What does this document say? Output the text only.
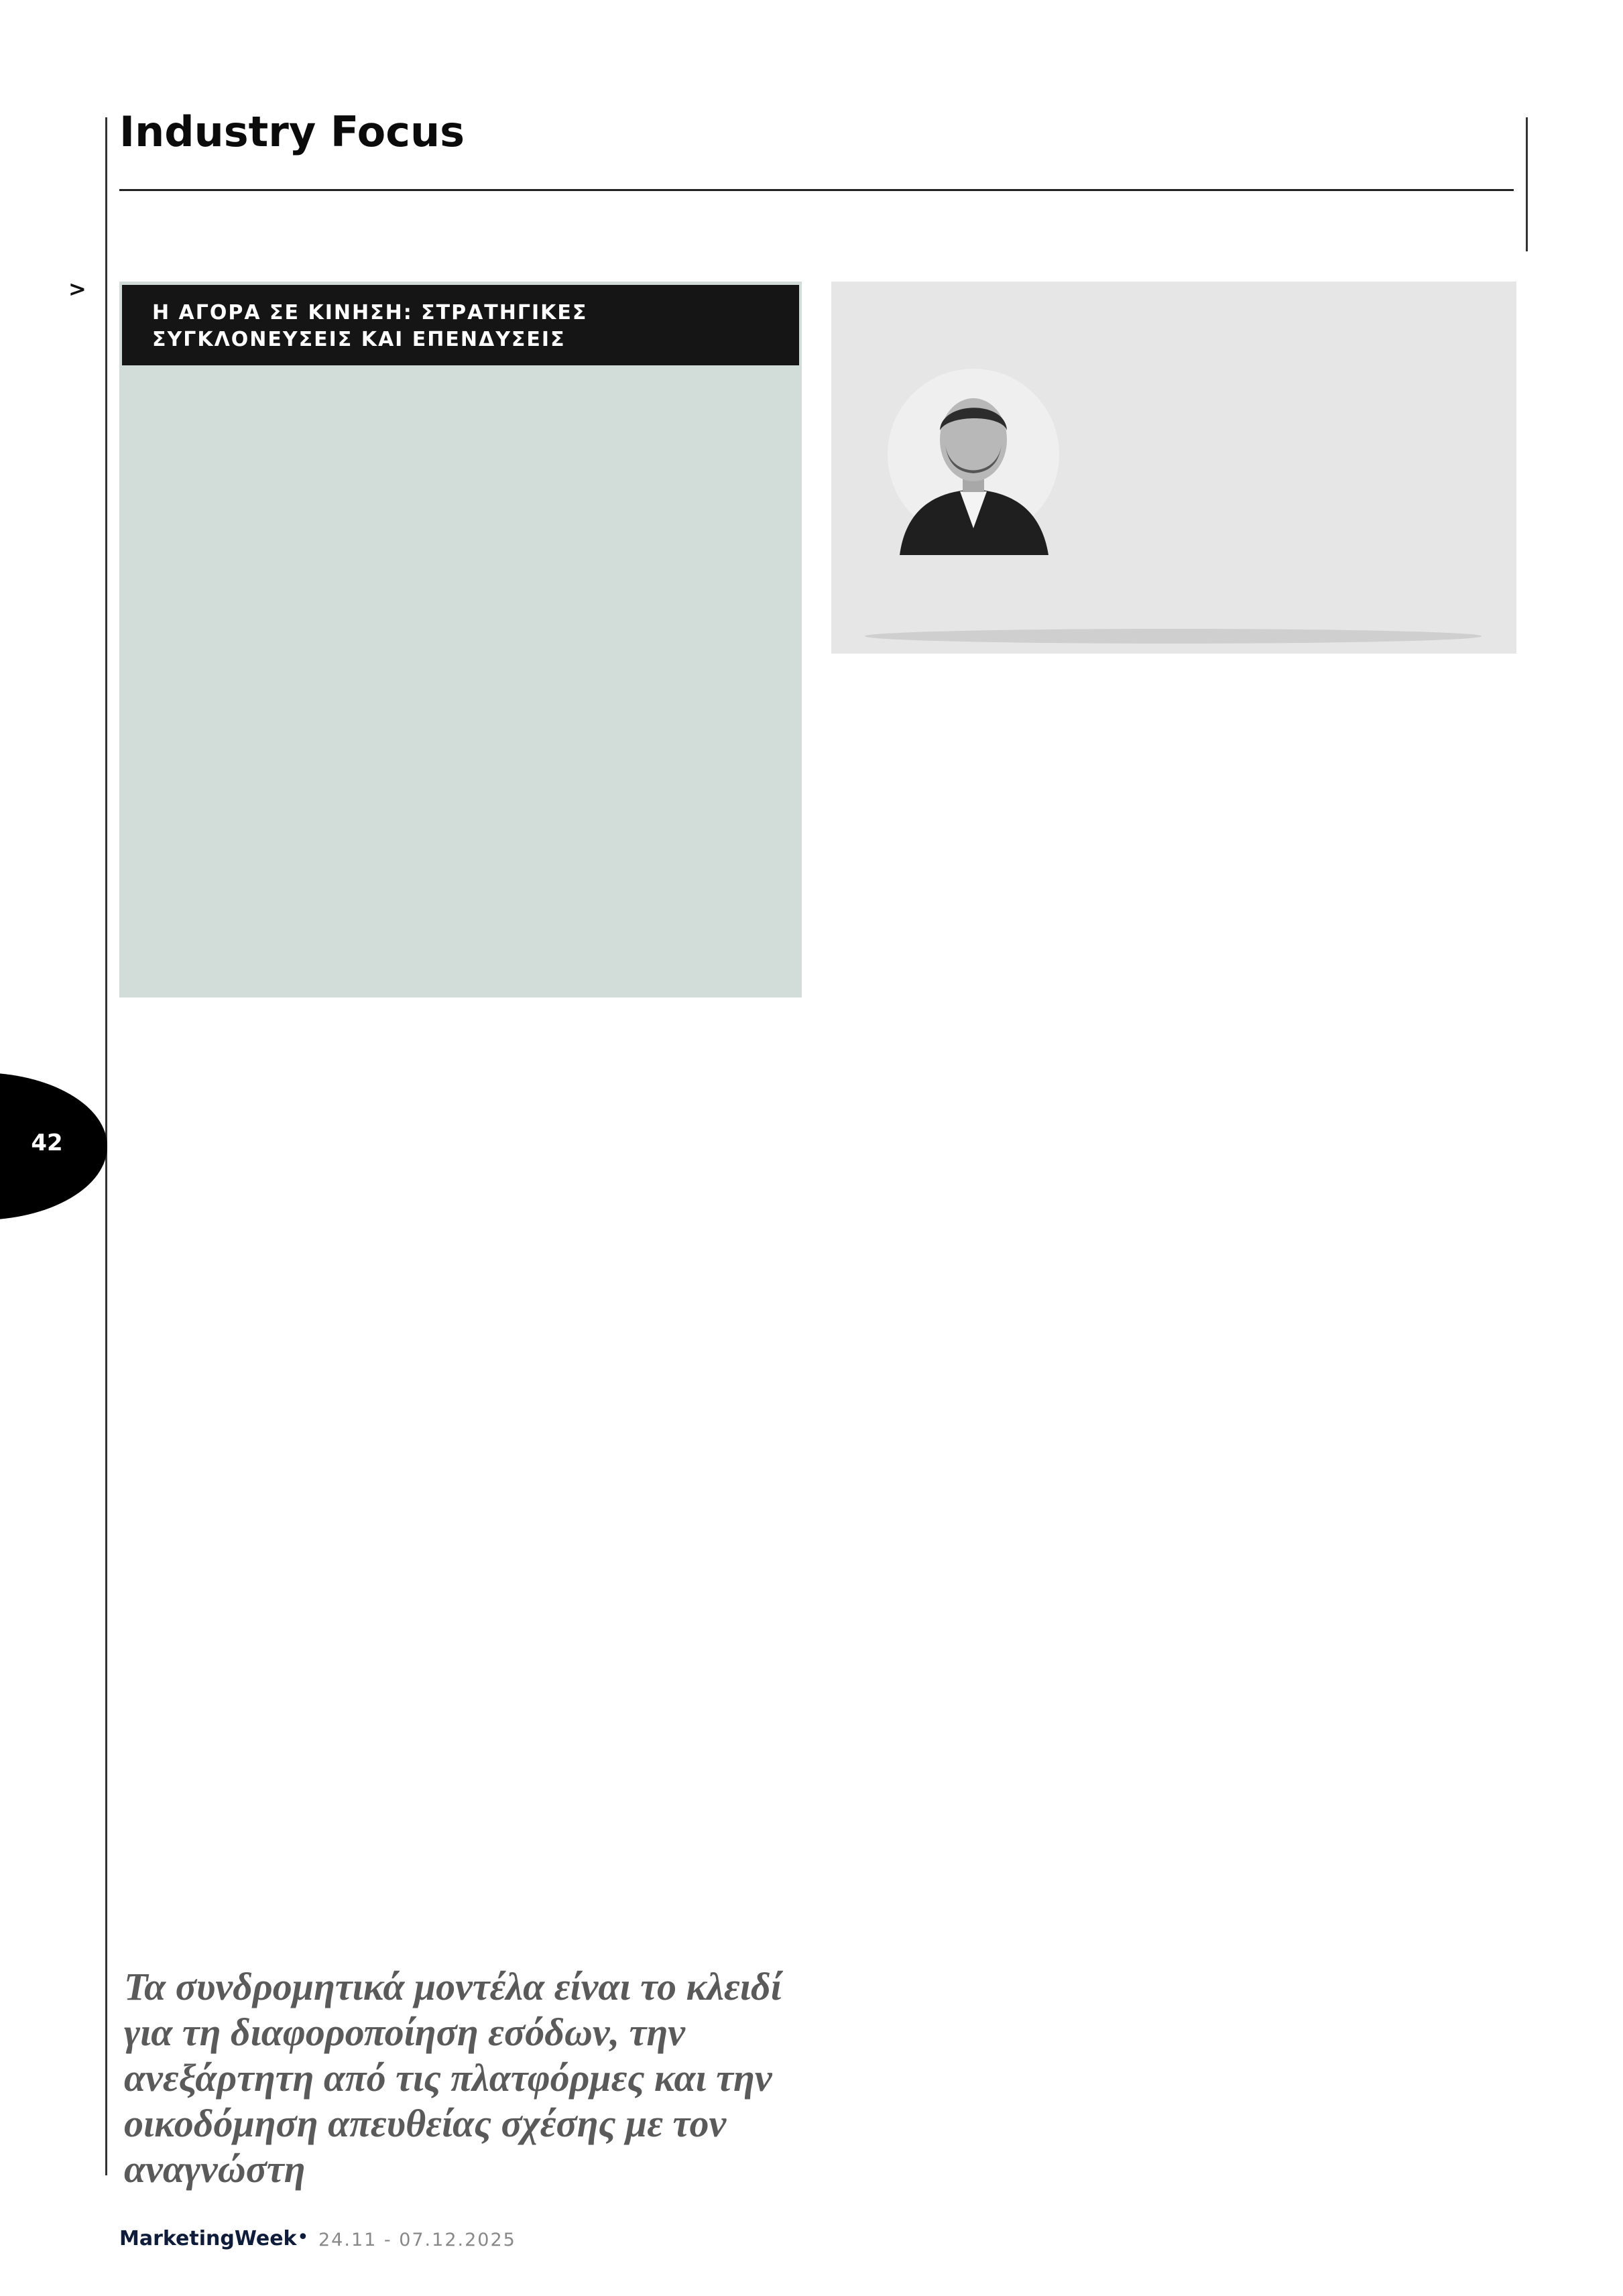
Industry Focus
>
42
Η ΑΓΟΡΑ ΣΕ ΚΙΝΗΣΗ: ΣΤΡΑΤΗΓΙΚΕΣ ΣΥΓΚΛΟΝΕΥΣΕΙΣ ΚΑΙ ΕΠΕΝΔΥΣΕΙΣ
Τα συνδρομητικά μοντέλα είναι το κλειδί για τη διαφοροποίηση εσόδων, την ανεξάρτητη από τις πλατφόρμες και την οικοδόμηση απευθείας σχέσης με τον αναγνώστη
MarketingWeek • 24.11 - 07.12.2025
